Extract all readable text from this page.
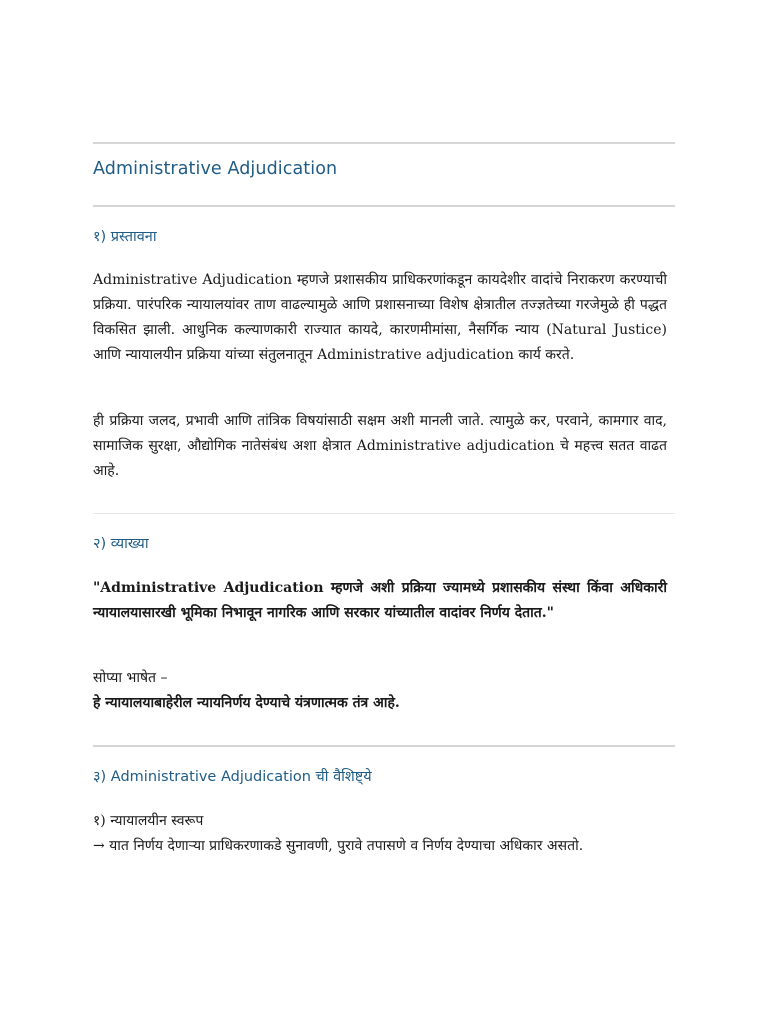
Administrative Adjudication
१) प्रस्तावना
Administrative Adjudication म्हणजे प्रशासकीय प्राधिकरणांकडून कायदेशीर वादांचे निराकरण करण्याची प्रक्रिया. पारंपरिक न्यायालयांवर ताण वाढल्यामुळे आणि प्रशासनाच्या विशेष क्षेत्रातील तज्ज्ञतेच्या गरजेमुळे ही पद्धत विकसित झाली. आधुनिक कल्याणकारी राज्यात कायदे, कारणमीमांसा, नैसर्गिक न्याय (Natural Justice) आणि न्यायालयीन प्रक्रिया यांच्या संतुलनातून Administrative adjudication कार्य करते.
ही प्रक्रिया जलद, प्रभावी आणि तांत्रिक विषयांसाठी सक्षम अशी मानली जाते. त्यामुळे कर, परवाने, कामगार वाद, सामाजिक सुरक्षा, औद्योगिक नातेसंबंध अशा क्षेत्रात Administrative adjudication चे महत्त्व सतत वाढत आहे.
२) व्याख्या
"Administrative Adjudication म्हणजे अशी प्रक्रिया ज्यामध्ये प्रशासकीय संस्था किंवा अधिकारी न्यायालयासारखी भूमिका निभावून नागरिक आणि सरकार यांच्यातील वादांवर निर्णय देतात."
सोप्या भाषेत –
हे न्यायालयाबाहेरील न्यायनिर्णय देण्याचे यंत्रणात्मक तंत्र आहे.
३) Administrative Adjudication ची वैशिष्ट्ये
१) न्यायालयीन स्वरूप
→ यात निर्णय देणाऱ्या प्राधिकरणाकडे सुनावणी, पुरावे तपासणे व निर्णय देण्याचा अधिकार असतो.
